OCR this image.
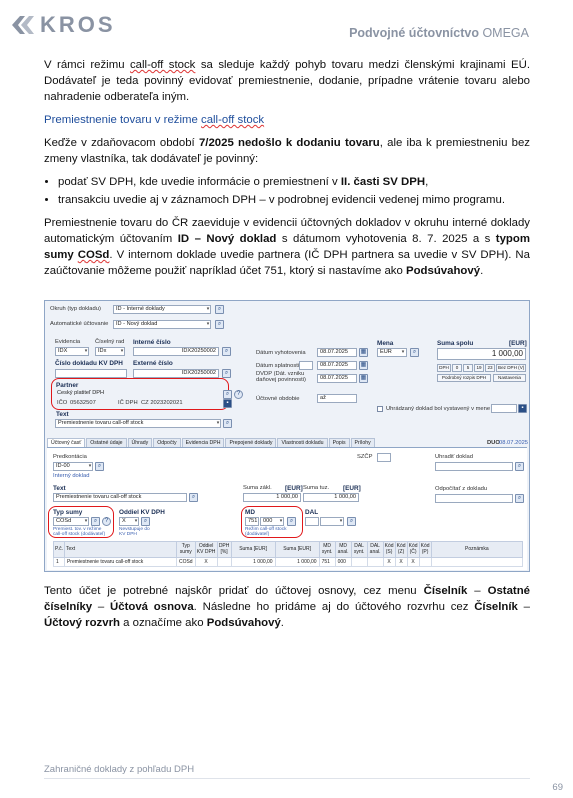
KROS	Podvojné účtovníctvo OMEGA

V rámci režimu call-off stock sa sleduje každý pohyb tovaru medzi členskými krajinami EÚ. Dodávateľ je teda povinný evidovať premiestnenie, dodanie, prípadne vrátenie tovaru alebo nahradenie odberateľa iným.

Premiestnenie tovaru v režime call-off stock

Keďže v zdaňovacom období 7/2025 nedošlo k dodaniu tovaru, ale iba k premiestneniu bez zmeny vlastníka, tak dodávateľ je povinný:

• podať SV DPH, kde uvedie informácie o premiestnení v II. časti SV DPH,
• transakciu uvedie aj v záznamoch DPH – v podrobnej evidencii vedenej mimo programu.

Premiestnenie tovaru do ČR zaeviduje v evidencii účtovných dokladov v okruhu interné doklady automatickým účtovaním ID – Nový doklad s dátumom vyhotovenia 8. 7. 2025 a s typom sumy COSd. V internom doklade uvedie partnera (IČ DPH partnera sa uvedie v SV DPH). Na zaúčtovanie môžeme použiť napríklad účet 751, ktorý si nastavíme ako Podsúvahový.

Okruh (typ dokladu)	ID - Interné doklady	▾	⌕
Automatické účtovanie	ID - Nový doklad	▾	⌕
Evidencia
IDX	▾
Číselný rad
IDx	▾
Interné číslo
IDX20250002	⌕
Číslo dokladu KV DPH Externé číslo
IDX20250002	⌕
Dátum vyhotovenia	08.07.2025	▦
Dátum splatnosti	08.07.2025	▦
DVDP (Dát. vzniku daňovej povinnosti)	08.07.2025	▦
Účtovné obdobie	až
Mena
EUR	▾	⌕
Suma spolu	[EUR]
1 000,00
DPH	0	5	19	23	Bez DPH (V)
Podrobný rozpis DPH	Nastavenia
Partner
Český platiteľ DPH
IČO 05632507	IČ DPH CZ 2023202021
⌕
▪
?
Text
Premiestnenie tovaru call-off stock	▾	⌕
Uhrádzaný doklad bol vystavený v mene	▪
Účtovný časť	Ostatné údaje	Úhrady	Odpočty	Evidencia DPH	Prepojené doklady	Vlastnosti dokladu	Popis	Prílohy	DUO 08.07.2025
Predkontácia
ID-00	▾	⌕
Interný doklad
SZČP	Uhradiť doklad
⌕
Odpočítať z dokladu
⌕
Text
Premiestnenie tovaru call-off stock	⌕
Suma zákl. [EUR]
1 000,00
Suma tuz. [EUR]
1 000,00
Typ sumy
COSd	▾	⌕	?
Premiest. tov. v režime call-off stock (dodávateľ)
Oddiel KV DPH
X	▾	⌕
Nevstupuje do KV DPH
MD
751	000	▾	⌕
Režim call-off stock (dodávateľ)
DAL
▾	⌕
P.č.	Text	Typ sumy	Oddiel KV DPH	DPH [%]	Suma [EUR]	Suma [EUR]	MD synt.	MD anal.	DAL synt.	DAL anal.	Kód (S)	Kód (Z)	Kód (Č)	Kód (P)	Poznámka
1	Premiestnenie tovaru call-off stock	COSd	X		1 000,00	1 000,00	751	000			X	X	X		

Tento účet je potrebné najskôr pridať do účtovej osnovy, cez menu Číselník – Ostatné číselníky – Účtová osnova. Následne ho pridáme aj do účtového rozvrhu cez Číselník – Účtový rozvrh a označíme ako Podsúvahový.

Zahraničné doklady z pohľadu DPH
69
